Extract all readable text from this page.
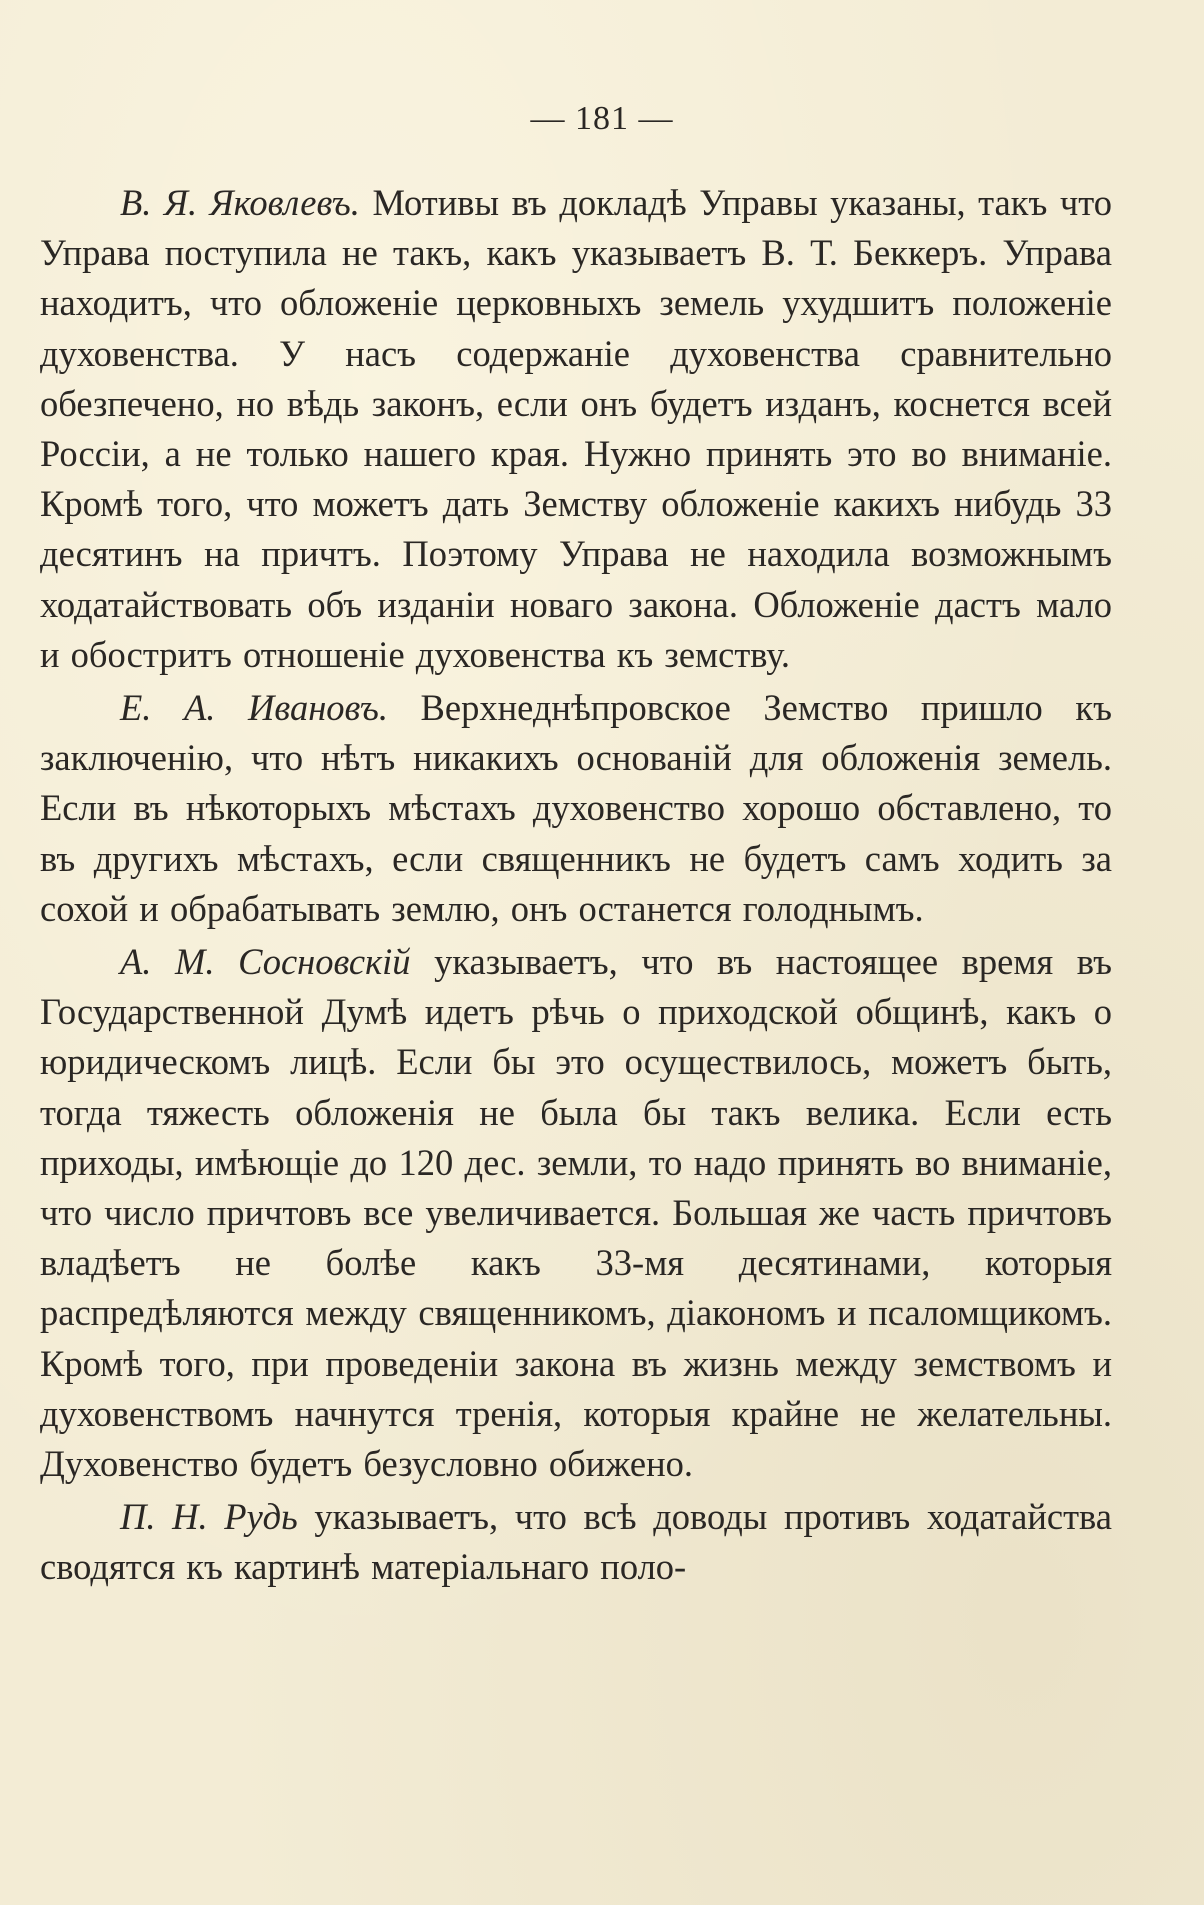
— 181 —

В. Я. Яковлевъ. Мотивы въ докладѣ Управы указаны, такъ что Управа поступила не такъ, какъ указываетъ В. Т. Беккеръ. Управа находитъ, что обложенiе церковныхъ земель ухудшитъ положенiе духовенства. У насъ содержанiе духовенства сравнительно обезпечено, но вѣдь законъ, если онъ будетъ изданъ, коснется всей Россiи, а не только нашего края. Нужно принять это во вниманiе. Кромѣ того, что можетъ дать Земству обложенiе какихъ нибудь 33 десятинъ на причтъ. Поэтому Управа не находила возможнымъ ходатайствовать объ изданiи новаго закона. Обложенiе дастъ мало и обостритъ отношенiе духовенства къ земству.

Е. А. Ивановъ. Верхнеднѣпровское Земство пришло къ заключенiю, что нѣтъ никакихъ основанiй для обложенiя земель. Если въ нѣкоторыхъ мѣстахъ духовенство хорошо обставлено, то въ другихъ мѣстахъ, если священникъ не будетъ самъ ходить за сохой и обрабатывать землю, онъ останется голоднымъ.

А. М. Сосновскiй указываетъ, что въ настоящее время въ Государственной Думѣ идетъ рѣчь о приходской общинѣ, какъ о юридическомъ лицѣ. Если бы это осуществилось, можетъ быть, тогда тяжесть обложенiя не была бы такъ велика. Если есть приходы, имѣющiе до 120 дес. земли, то надо принять во вниманiе, что число причтовъ все увеличивается. Большая же часть причтовъ владѣетъ не болѣе какъ 33-мя десятинами, которыя распредѣляются между священникомъ, дiакономъ и псаломщикомъ. Кромѣ того, при проведенiи закона въ жизнь между земствомъ и духовенствомъ начнутся тренiя, которыя крайне не желательны. Духовенство будетъ безусловно обижено.

П. Н. Рудь указываетъ, что всѣ доводы противъ ходатайства сводятся къ картинѣ матерiальнаго поло-
